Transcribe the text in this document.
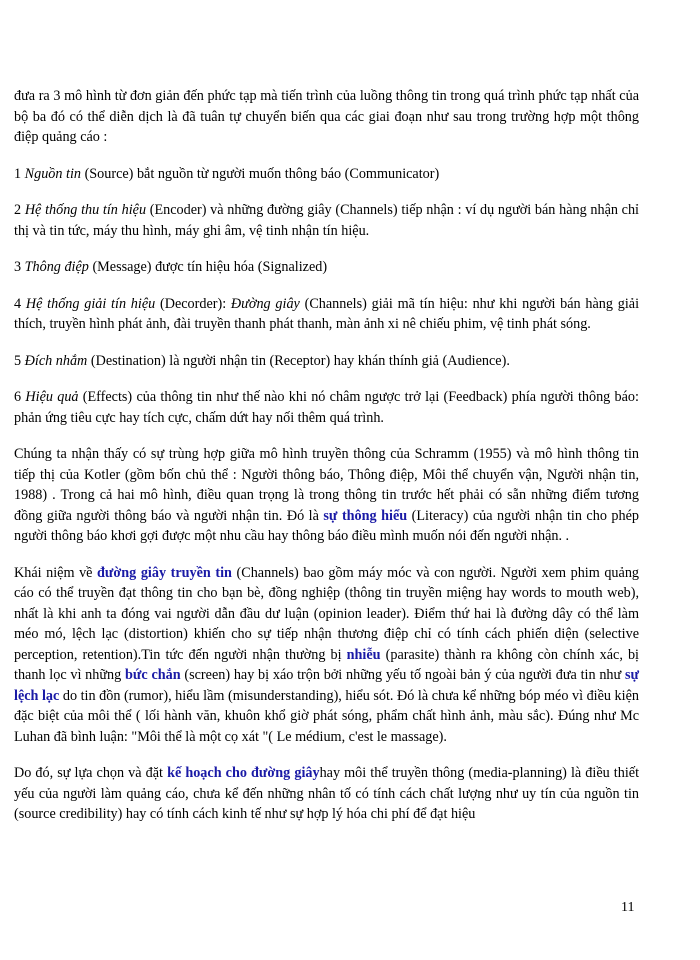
đưa ra 3 mô hình từ đơn giản đến phức tạp mà tiến trình của luồng thông tin trong quá trình phức tạp nhất của bộ ba đó có thể diễn dịch là đã tuân tự chuyển biến qua các giai đoạn như sau trong trường hợp một thông điệp quảng cáo :

1 Nguồn tin (Source) bắt nguồn từ người muốn thông báo (Communicator)

2 Hệ thống thu tín hiệu (Encoder) và những đường giây (Channels) tiếp nhận : ví dụ người bán hàng nhận chỉ thị và tin tức, máy thu hình, máy ghi âm, vệ tinh nhận tín hiệu.

3 Thông điệp (Message) được tín hiệu hóa (Signalized)

4 Hệ thống giải tín hiệu (Decorder): Đường giây (Channels) giải mã tín hiệu: như khi người bán hàng giải thích, truyền hình phát ảnh, đài truyền thanh phát thanh, màn ảnh xi nê chiếu phim, vệ tinh phát sóng.

5 Đích nhắm (Destination) là người nhận tin (Receptor) hay khán thính giả (Audience).

6 Hiệu quả (Effects) của thông tin như thế nào khi nó châm ngược trở lại (Feedback) phía người thông báo: phản ứng tiêu cực hay tích cực, chấm dứt hay nối thêm quá trình.

Chúng ta nhận thấy có sự trùng hợp giữa mô hình truyền thông của Schramm (1955) và mô hình thông tin tiếp thị của Kotler (gồm bốn chủ thể : Người thông báo, Thông điệp, Môi thể chuyển vận, Người nhận tin, 1988) . Trong cả hai mô hình, điều quan trọng là trong thông tin trước hết phải có sẵn những điểm tương đồng giữa người thông báo và người nhận tin. Đó là sự thông hiểu (Literacy) của người nhận tin cho phép người thông báo khơi gợi được một nhu cầu hay thông báo điều mình muốn nói đến người nhận. .

Khái niệm về đường giây truyền tin (Channels) bao gồm máy móc và con người. Người xem phim quảng cáo có thể truyền đạt thông tin cho bạn bè, đồng nghiệp (thông tin truyền miệng hay words to mouth web), nhất là khi anh ta đóng vai người dẫn đầu dư luận (opinion leader). Điểm thứ hai là đường dây có thể làm méo mó, lệch lạc (distortion) khiến cho sự tiếp nhận thương điệp chỉ có tính cách phiến diện (selective perception, retention).Tin tức đến người nhận thường bị nhiễu (parasite) thành ra không còn chính xác, bị thanh lọc vì những bức chắn (screen) hay bị xáo trộn bởi những yếu tố ngoài bản ý của người đưa tin như sự lệch lạc do tin đồn (rumor), hiểu lầm (misunderstanding), hiểu sót. Đó là chưa kể những bóp méo vì điều kiện đặc biệt của môi thể ( lối hành văn, khuôn khổ giờ phát sóng, phẩm chất hình ảnh, màu sắc). Đúng như Mc Luhan đã bình luận: "Môi thể là một cọ xát "( Le médium, c'est le massage).

Do đó, sự lựa chọn và đặt kế hoạch cho đường giâyhay môi thể truyền thông (media-planning) là điều thiết yếu của người làm quảng cáo, chưa kể đến những nhân tố có tính cách chất lượng như uy tín của nguồn tin (source credibility) hay có tính cách kinh tế như sự hợp lý hóa chi phí để đạt hiệu

11
